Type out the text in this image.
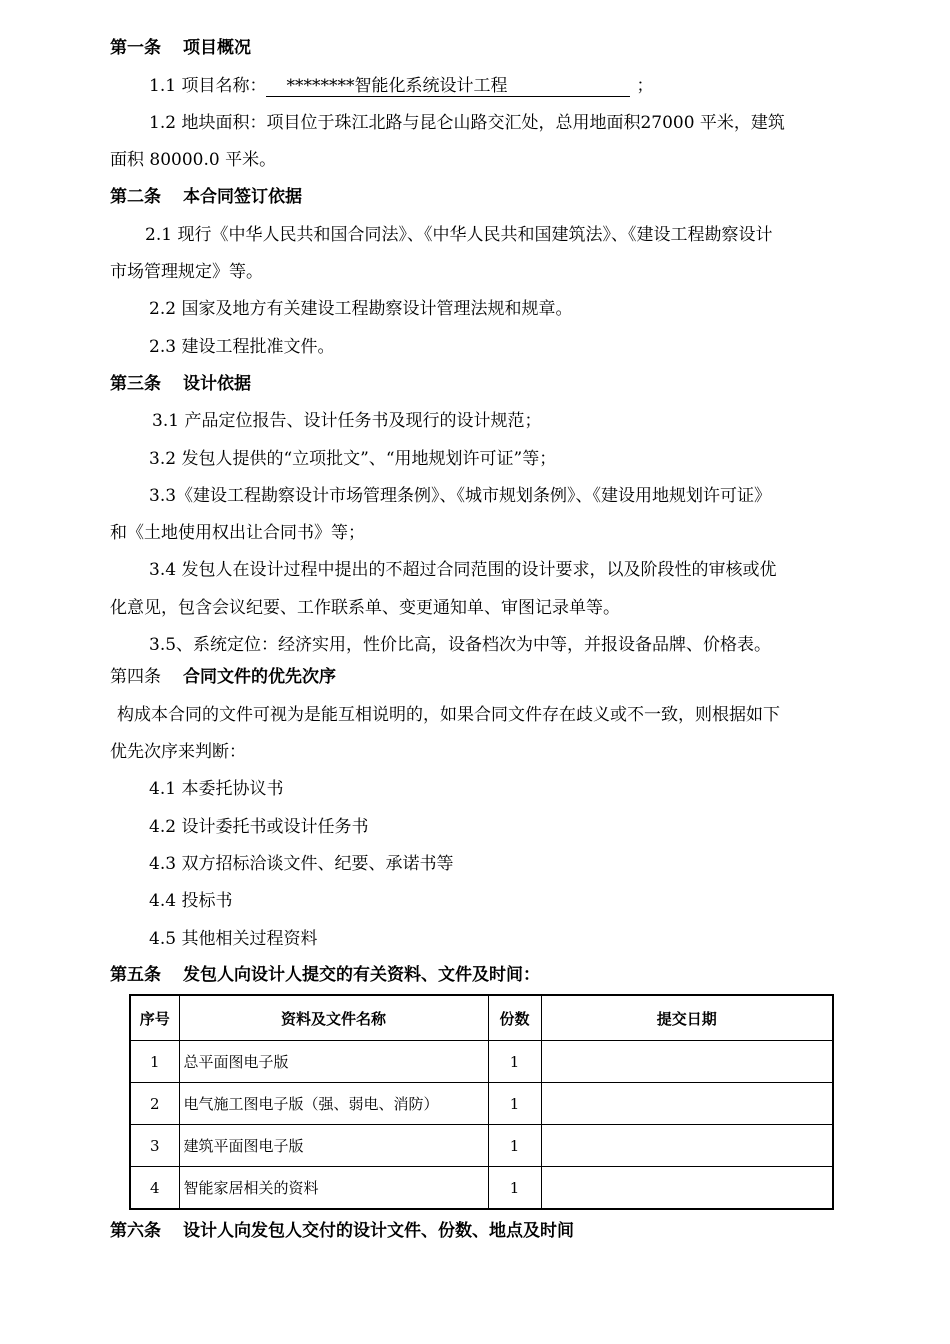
第一条 项目概况
1.1 项目名称： ********智能化系统设计工程	；
1.2 地块面积：项目位于珠江北路与昆仑山路交汇处，总用地面积27000 平米，建筑
面积 80000.0 平米。
第二条 本合同签订依据
2.1 现行《中华人民共和国合同法》、《中华人民共和国建筑法》、《建设工程勘察设计
市场管理规定》等。
2.2 国家及地方有关建设工程勘察设计管理法规和规章。
2.3 建设工程批准文件。
第三条 设计依据
3.1 产品定位报告、设计任务书及现行的设计规范；
3.2 发包人提供的“立项批文”、“用地规划许可证”等；
3.3《建设工程勘察设计市场管理条例》、《城市规划条例》、《建设用地规划许可证》
和《土地使用权出让合同书》等；
3.4 发包人在设计过程中提出的不超过合同范围的设计要求，以及阶段性的审核或优
化意见，包含会议纪要、工作联系单、变更通知单、审图记录单等。
3.5、系统定位：经济实用，性价比高，设备档次为中等，并报设备品牌、价格表。
第四条 合同文件的优先次序
构成本合同的文件可视为是能互相说明的，如果合同文件存在歧义或不一致，则根据如下
优先次序来判断：
4.1 本委托协议书
4.2 设计委托书或设计任务书
4.3 双方招标洽谈文件、纪要、承诺书等
4.4 投标书
4.5 其他相关过程资料
第五条 发包人向设计人提交的有关资料、文件及时间：
序号	资料及文件名称	份数	提交日期
1	总平面图电子版	1	
2	电气施工图电子版（强、弱电、消防）	1	
3	建筑平面图电子版	1	
4	智能家居相关的资料	1	
第六条 设计人向发包人交付的设计文件、份数、地点及时间
